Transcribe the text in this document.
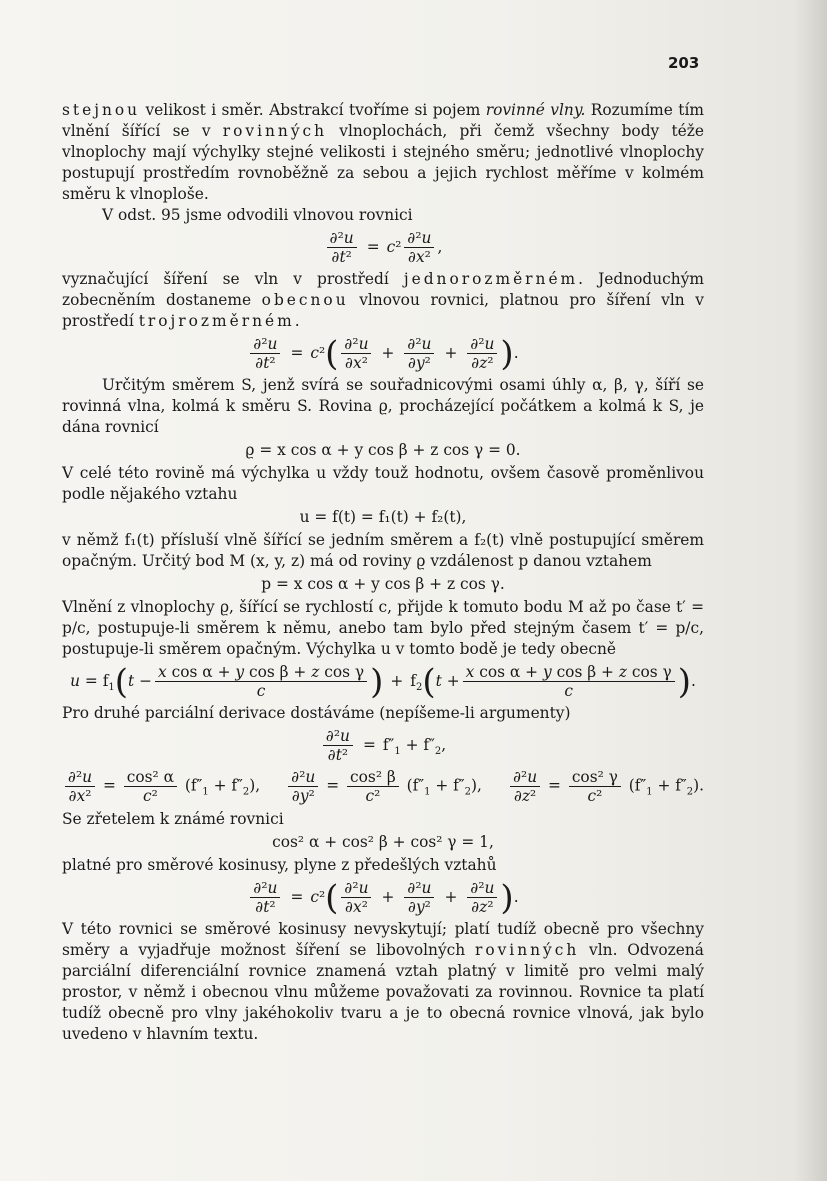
203

stejnou velikost i směr. Abstrakcí tvoříme si pojem rovinné vlny. Rozumíme tím vlnění šířící se v rovinných vlnoplochách, při čemž všechny body téže vlnoplochy mají výchylky stejné velikosti i stejného směru; jednotlivé vlnoplochy postupují prostředím rovnoběžně za sebou a jejich rychlost měříme v kolmém směru k vlnoploše.

V odst. 95 jsme odvodili vlnovou rovnici

$\frac{\text{∂²u}}{\text{∂t²}} = c^2 \frac{\text{∂²u}}{\text{∂x²}}$ ,

vyznačující šíření se vln v prostředí jednorozměrném. Jednoduchým zobecněním dostaneme obecnou vlnovou rovnici, platnou pro šíření vln v prostředí trojrozměrném.

$\frac{\text{∂²u}}{\text{∂t²}} = c^2$ ( $\frac{\text{∂²u}}{\text{∂x²}} + \frac{\text{∂²u}}{\text{∂y²}} + \frac{\text{∂²u}}{\text{∂z²}}$ ) .

Určitým směrem S, jenž svírá se souřadnicovými osami úhly α, β, γ, šíří se rovinná vlna, kolmá k směru S. Rovina ϱ, procházející počátkem a kolmá k S, je dána rovnicí

ϱ = x cos α + y cos β + z cos γ = 0.

V celé této rovině má výchylka u vždy touž hodnotu, ovšem časově proměnlivou podle nějakého vztahu

u = f(t) = f₁(t) + f₂(t),

v němž f₁(t) přísluší vlně šířící se jedním směrem a f₂(t) vlně postupující směrem opačným. Určitý bod M (x, y, z) má od roviny ϱ vzdálenost p danou vztahem

p = x cos α + y cos β + z cos γ.

Vlnění z vlnoplochy ϱ, šířící se rychlostí c, přijde k tomuto bodu M až po čase t′ = p/c, postupuje-li směrem k němu, anebo tam bylo před stejným časem t′ = p/c, postupuje-li směrem opačným. Výchylka u v tomto bodě je tedy obecně

$u = f_1$ ( $t - \frac{\text{x cos α + y cos β + z cos γ}}{c}$ ) + $f_2$ ( $t + \frac{\text{x cos α + y cos β + z cos γ}}{c}$ ) .

Pro druhé parciální derivace dostáváme (nepíšeme-li argumenty)

$\frac{\text{∂²u}}{\text{∂t²}} = f''_1 + f''_2$,
$\frac{\text{∂²u}}{\text{∂x²}} = \frac{\text{cos² α}}{\text{c²}} (f''_1 + f''_2)$, $\frac{\text{∂²u}}{\text{∂y²}} = \frac{\text{cos² β}}{\text{c²}} (f''_1 + f''_2)$, $\frac{\text{∂²u}}{\text{∂z²}} = \frac{\text{cos² γ}}{\text{c²}} (f''_1 + f''_2)$.

Se zřetelem k známé rovnici

cos² α + cos² β + cos² γ = 1,

platné pro směrové kosinusy, plyne z předešlých vztahů

$\frac{\text{∂²u}}{\text{∂t²}} = c^2$ ( $\frac{\text{∂²u}}{\text{∂x²}} + \frac{\text{∂²u}}{\text{∂y²}} + \frac{\text{∂²u}}{\text{∂z²}}$ ) .

V této rovnici se směrové kosinusy nevyskytují; platí tudíž obecně pro všechny směry a vyjadřuje možnost šíření se libovolných rovinných vln. Odvozená parciální diferenciální rovnice znamená vztah platný v limitě pro velmi malý prostor, v němž i obecnou vlnu můžeme považovati za rovinnou. Rovnice ta platí tudíž obecně pro vlny jakéhokoliv tvaru a je to obecná rovnice vlnová, jak bylo uvedeno v hlavním textu.
